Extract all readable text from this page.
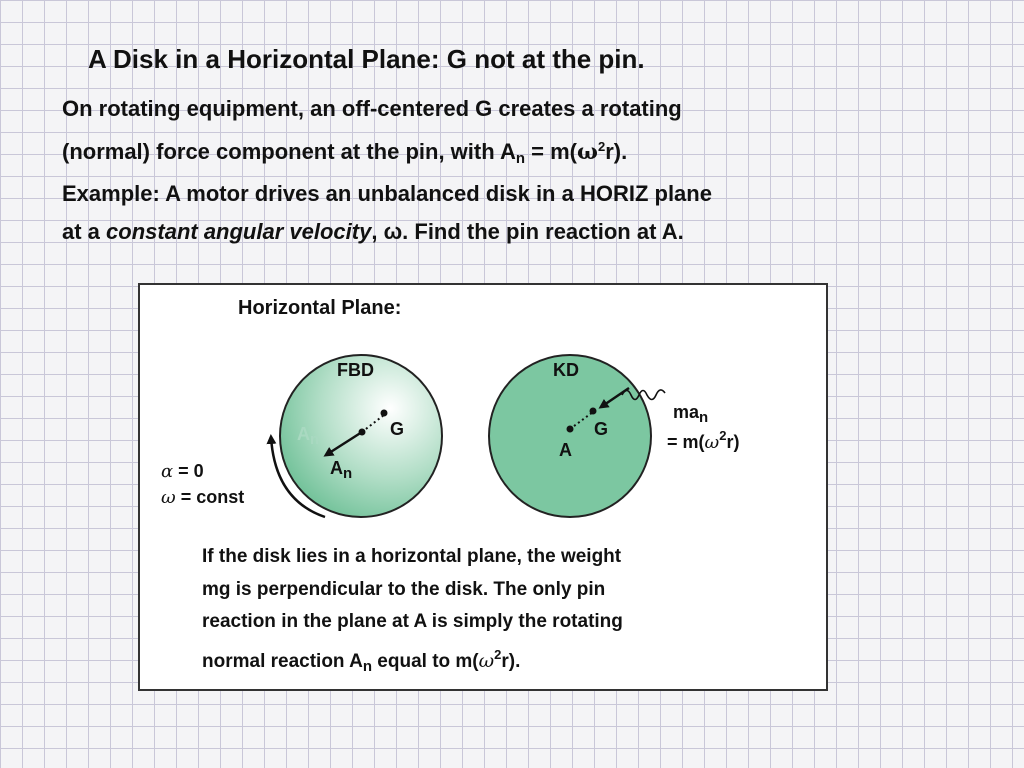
A Disk in a Horizontal Plane: G not at the pin.
On rotating equipment, an off-centered G creates a rotating
(normal) force component at the pin, with $A_n = m(\omega^2r)$.
Example: A motor drives an unbalanced disk in a HORIZ plane
at a constant angular velocity, ω. Find the pin reaction at A.
Horizontal Plane:
FBD
G
$A_n$
$A_n$
α = 0
ω = const
KD
G
A
$ma_n$
= $m(\omega^2r)$
If the disk lies in a horizontal plane, the weight
mg is perpendicular to the disk. The only pin
reaction in the plane at A is simply the rotating
normal reaction $A_n$ equal to $m(\omega^2r)$.
